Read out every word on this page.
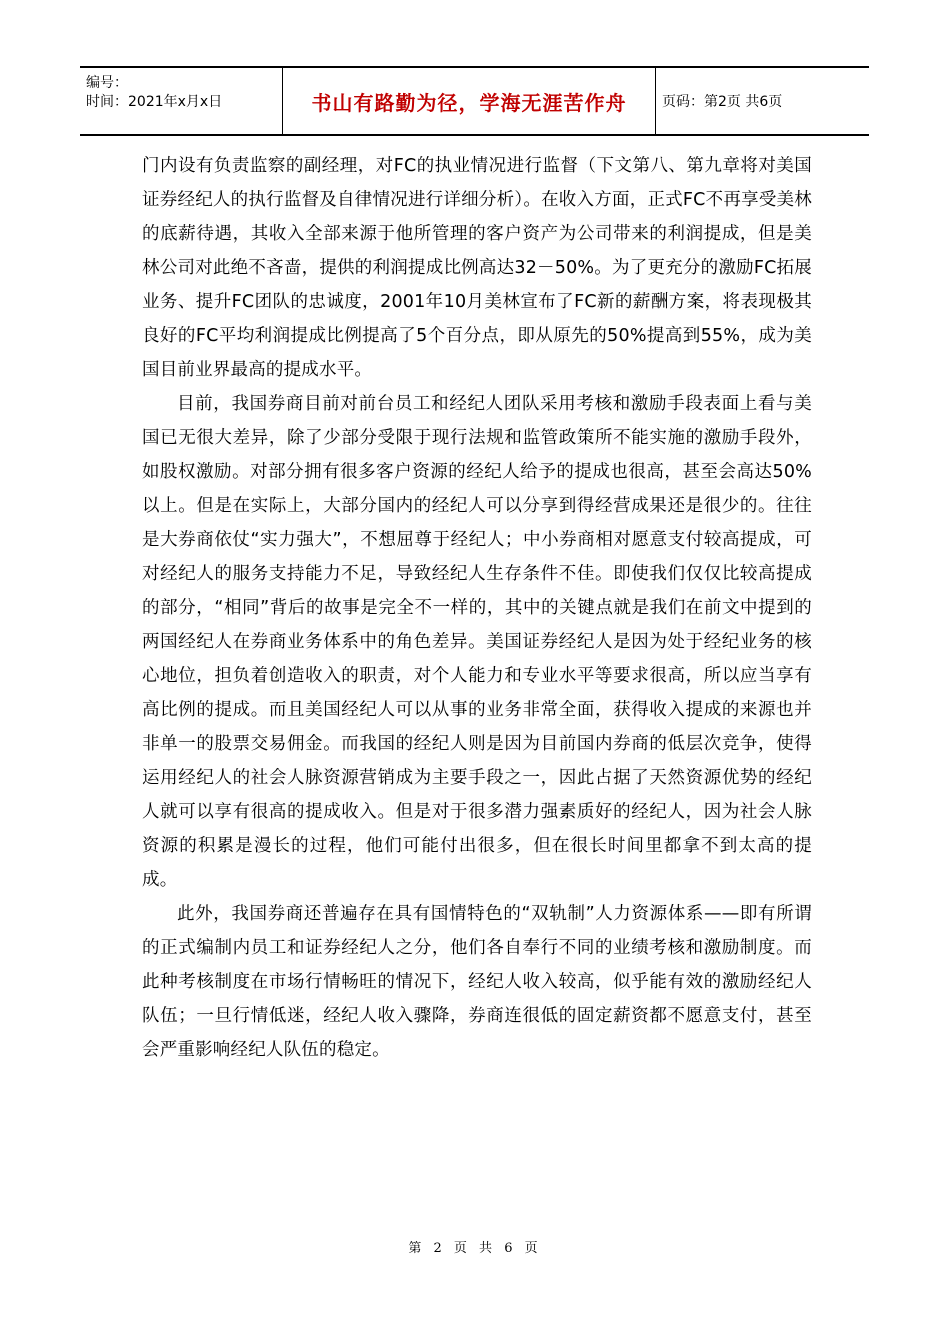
编号：
时间：2021年x月x日	书山有路勤为径，学海无涯苦作舟	页码：第2页 共6页

门内设有负责监察的副经理，对FC的执业情况进行监督（下文第八、第九章将对美国证券经纪人的执行监督及自律情况进行详细分析）。在收入方面，正式FC不再享受美林的底薪待遇，其收入全部来源于他所管理的客户资产为公司带来的利润提成，但是美林公司对此绝不吝啬，提供的利润提成比例高达32－50%。为了更充分的激励FC拓展业务、提升FC团队的忠诚度，2001年10月美林宣布了FC新的薪酬方案，将表现极其良好的FC平均利润提成比例提高了5个百分点，即从原先的50%提高到55%，成为美国目前业界最高的提成水平。

目前，我国券商目前对前台员工和经纪人团队采用考核和激励手段表面上看与美国已无很大差异，除了少部分受限于现行法规和监管政策所不能实施的激励手段外，如股权激励。对部分拥有很多客户资源的经纪人给予的提成也很高，甚至会高达50%以上。但是在实际上，大部分国内的经纪人可以分享到得经营成果还是很少的。往往是大券商依仗“实力强大”，不想屈尊于经纪人；中小券商相对愿意支付较高提成，可对经纪人的服务支持能力不足，导致经纪人生存条件不佳。即使我们仅仅比较高提成的部分，“相同”背后的故事是完全不一样的，其中的关键点就是我们在前文中提到的两国经纪人在券商业务体系中的角色差异。美国证券经纪人是因为处于经纪业务的核心地位，担负着创造收入的职责，对个人能力和专业水平等要求很高，所以应当享有高比例的提成。而且美国经纪人可以从事的业务非常全面，获得收入提成的来源也并非单一的股票交易佣金。而我国的经纪人则是因为目前国内券商的低层次竞争，使得运用经纪人的社会人脉资源营销成为主要手段之一，因此占据了天然资源优势的经纪人就可以享有很高的提成收入。但是对于很多潜力强素质好的经纪人，因为社会人脉资源的积累是漫长的过程，他们可能付出很多，但在很长时间里都拿不到太高的提成。

此外，我国券商还普遍存在具有国情特色的“双轨制”人力资源体系——即有所谓的正式编制内员工和证券经纪人之分，他们各自奉行不同的业绩考核和激励制度。而此种考核制度在市场行情畅旺的情况下，经纪人收入较高，似乎能有效的激励经纪人队伍；一旦行情低迷，经纪人收入骤降，券商连很低的固定薪资都不愿意支付，甚至会严重影响经纪人队伍的稳定。

第 2 页 共 6 页
